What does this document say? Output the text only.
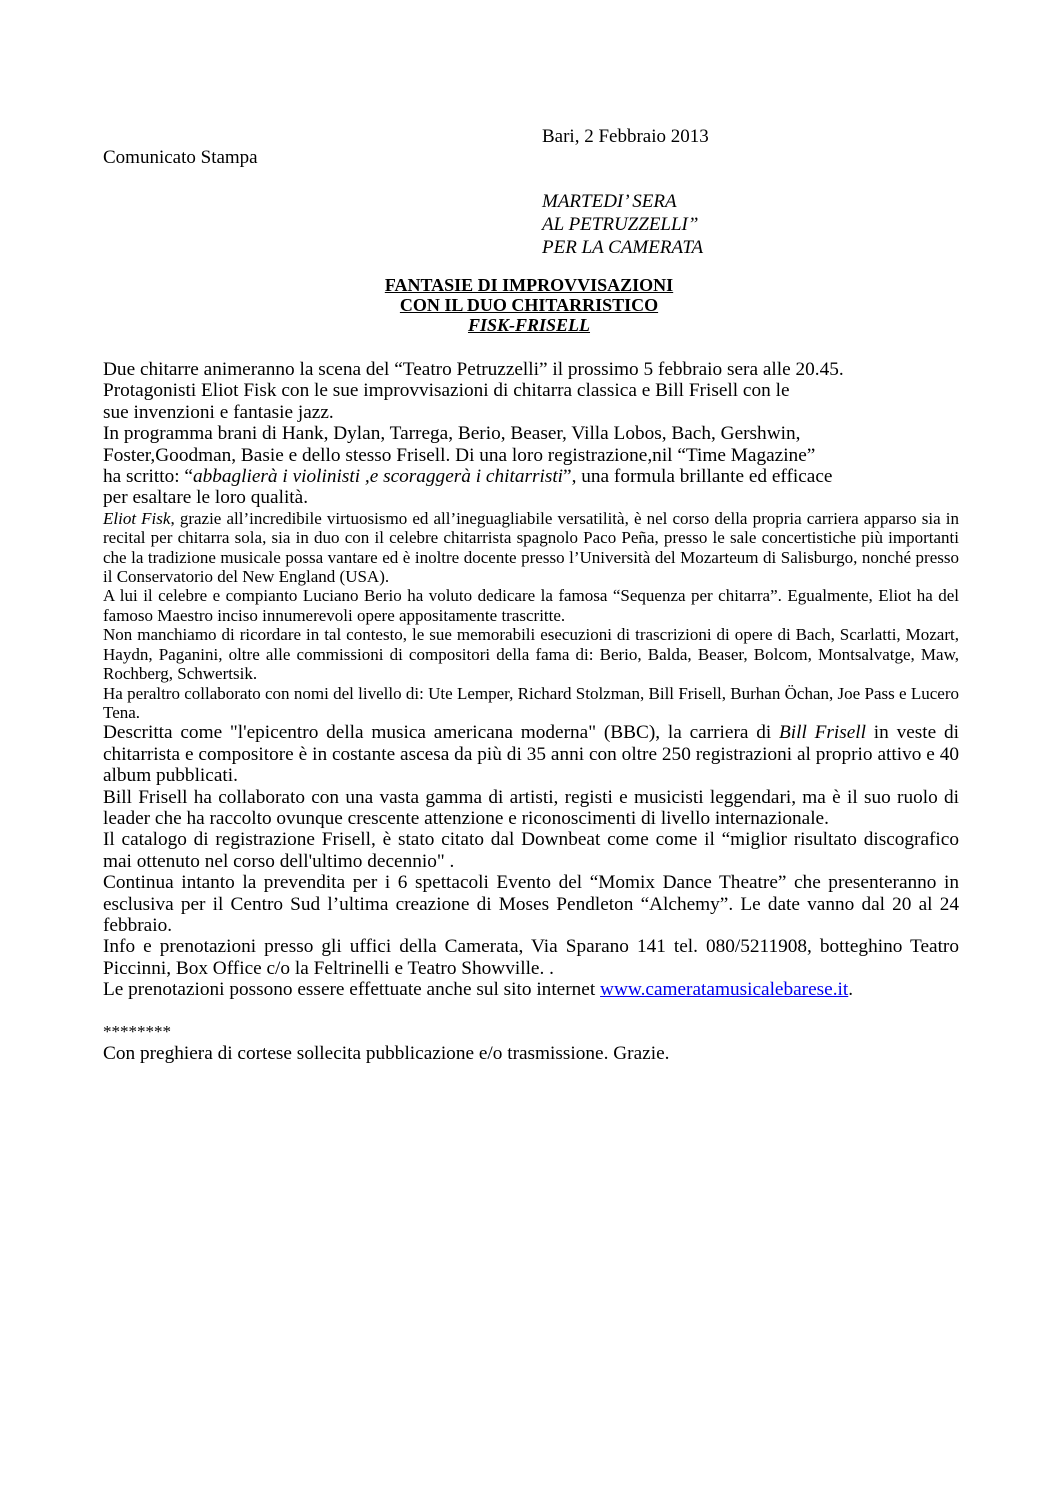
Bari, 2 Febbraio 2013
Comunicato Stampa
MARTEDI’ SERA
AL PETRUZZELLI”
PER LA CAMERATA
FANTASIE DI IMPROVVISAZIONI
CON IL DUO CHITARRISTICO
FISK-FRISELL
Due chitarre animeranno la scena del “Teatro Petruzzelli” il prossimo 5 febbraio sera alle 20.45.
Protagonisti Eliot Fisk con le sue improvvisazioni di chitarra classica e Bill Frisell con le
sue invenzioni e fantasie jazz.
In programma brani di Hank, Dylan, Tarrega, Berio, Beaser, Villa Lobos, Bach, Gershwin,
Foster,Goodman, Basie e dello stesso Frisell. Di una loro registrazione,nil “Time Magazine”
ha scritto: “abbaglierà i violinisti ,e scoraggerà i chitarristi”, una formula brillante ed efficace
per esaltare le loro qualità.
Eliot Fisk, grazie all’incredibile virtuosismo ed all’ineguagliabile versatilità, è nel corso della propria carriera apparso sia in recital per chitarra sola, sia in duo con il celebre chitarrista spagnolo Paco Peña, presso le sale concertistiche più importanti che la tradizione musicale possa vantare ed è inoltre docente presso l’Università del Mozarteum di Salisburgo, nonché presso il Conservatorio del New England (USA).
A lui il celebre e compianto Luciano Berio ha voluto dedicare la famosa “Sequenza per chitarra”. Egualmente, Eliot ha del famoso Maestro inciso innumerevoli opere appositamente trascritte.
Non manchiamo di ricordare in tal contesto, le sue memorabili esecuzioni di trascrizioni di opere di Bach, Scarlatti, Mozart, Haydn, Paganini, oltre alle commissioni di compositori della fama di: Berio, Balda, Beaser, Bolcom, Montsalvatge, Maw, Rochberg, Schwertsik.
Ha peraltro collaborato con nomi del livello di: Ute Lemper, Richard Stolzman, Bill Frisell, Burhan Öchan, Joe Pass e Lucero Tena.
Descritta come "l'epicentro della musica americana moderna" (BBC), la carriera di Bill Frisell in veste di chitarrista e compositore è in costante ascesa da più di 35 anni con oltre 250 registrazioni al proprio attivo e 40 album pubblicati.
Bill Frisell ha collaborato con una vasta gamma di artisti, registi e musicisti leggendari, ma è il suo ruolo di leader che ha raccolto ovunque crescente attenzione e riconoscimenti di livello internazionale.
Il catalogo di registrazione Frisell, è stato citato dal Downbeat come come il “miglior risultato discografico mai ottenuto nel corso dell'ultimo decennio" .
Continua intanto la prevendita per i 6 spettacoli Evento del “Momix Dance Theatre” che presenteranno in esclusiva per il Centro Sud l’ultima creazione di Moses Pendleton “Alchemy”. Le date vanno dal 20 al 24 febbraio.
Info e prenotazioni presso gli uffici della Camerata, Via Sparano 141 tel. 080/5211908, botteghino Teatro Piccinni, Box Office c/o la Feltrinelli e Teatro Showville. .
Le prenotazioni possono essere effettuate anche sul sito internet www.cameratamusicalebarese.it.
********
Con preghiera di cortese sollecita pubblicazione e/o trasmissione. Grazie.
